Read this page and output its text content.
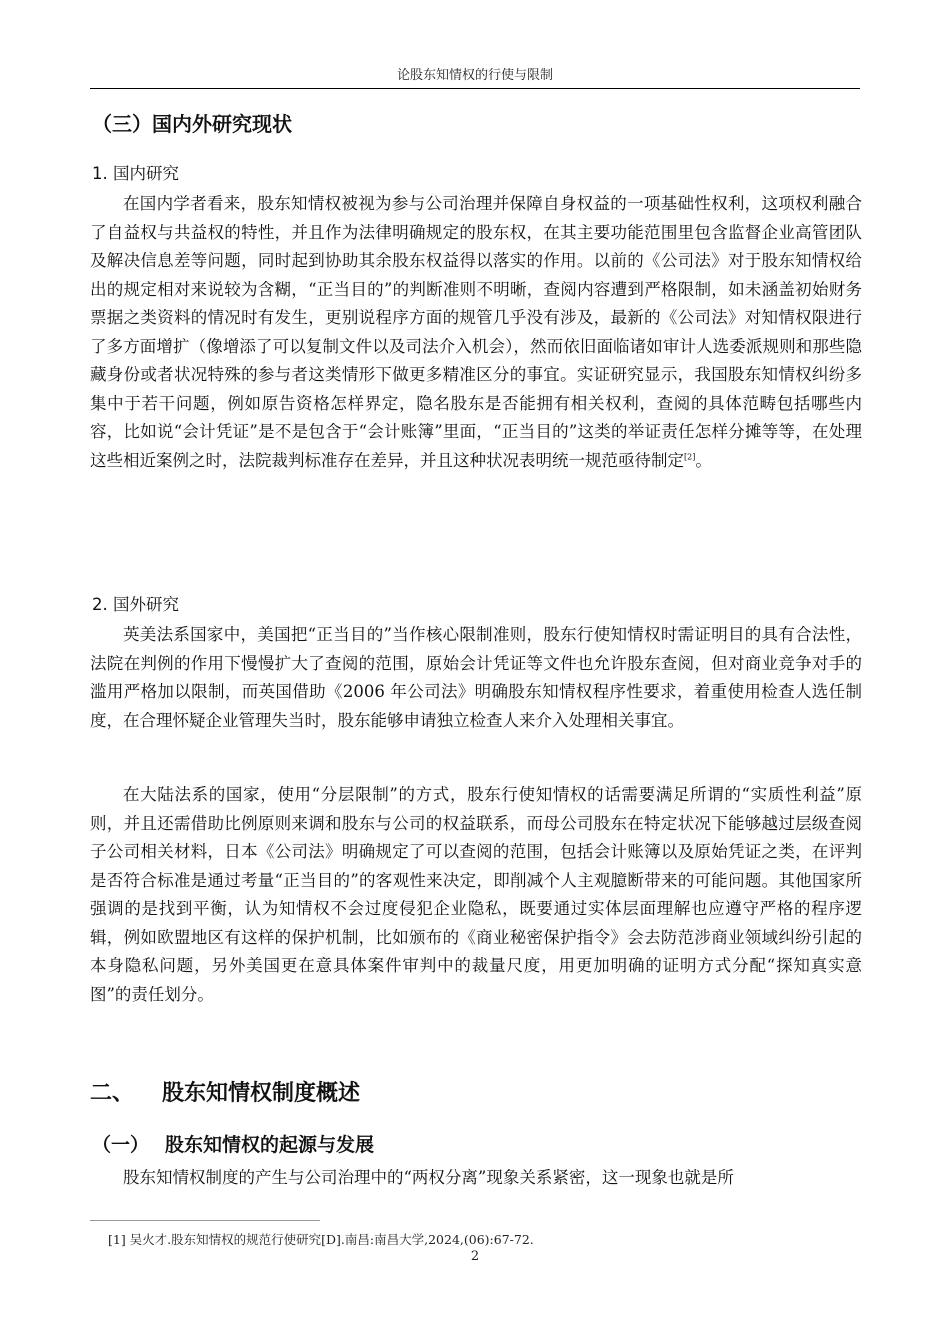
论股东知情权的行使与限制
（三）国内外研究现状
1. 国内研究

在国内学者看来，股东知情权被视为参与公司治理并保障自身权益的一项基础性权利，这项权利融合了自益权与共益权的特性，并且作为法律明确规定的股东权，在其主要功能范围里包含监督企业高管团队及解决信息差等问题，同时起到协助其余股东权益得以落实的作用。以前的《公司法》对于股东知情权给出的规定相对来说较为含糊，“正当目的”的判断准则不明晰，查阅内容遭到严格限制，如未涵盖初始财务票据之类资料的情况时有发生，更别说程序方面的规管几乎没有涉及，最新的《公司法》对知情权限进行了多方面增扩（像增添了可以复制文件以及司法介入机会），然而依旧面临诸如审计人选委派规则和那些隐藏身份或者状况特殊的参与者这类情形下做更多精准区分的事宜。实证研究显示，我国股东知情权纠纷多集中于若干问题，例如原告资格怎样界定，隐名股东是否能拥有相关权利，查阅的具体范畴包括哪些内容，比如说“会计凭证”是不是包含于“会计账簿”里面，“正当目的”这类的举证责任怎样分摊等等，在处理这些相近案例之时，法院裁判标准存在差异，并且这种状况表明统一规范亟待制定[2]。

2. 国外研究

英美法系国家中，美国把“正当目的”当作核心限制准则，股东行使知情权时需证明目的具有合法性，法院在判例的作用下慢慢扩大了查阅的范围，原始会计凭证等文件也允许股东查阅，但对商业竞争对手的滥用严格加以限制，而英国借助《2006 年公司法》明确股东知情权程序性要求，着重使用检查人选任制度，在合理怀疑企业管理失当时，股东能够申请独立检查人来介入处理相关事宜。

在大陆法系的国家，使用“分层限制”的方式，股东行使知情权的话需要满足所谓的“实质性利益”原则，并且还需借助比例原则来调和股东与公司的权益联系，而母公司股东在特定状况下能够越过层级查阅子公司相关材料，日本《公司法》明确规定了可以查阅的范围，包括会计账簿以及原始凭证之类，在评判是否符合标准是通过考量“正当目的”的客观性来决定，即削减个人主观臆断带来的可能问题。其他国家所强调的是找到平衡，认为知情权不会过度侵犯企业隐私，既要通过实体层面理解也应遵守严格的程序逻辑，例如欧盟地区有这样的保护机制，比如颁布的《商业秘密保护指令》会去防范涉商业领域纠纷引起的本身隐私问题，另外美国更在意具体案件审判中的裁量尺度，用更加明确的证明方式分配“探知真实意图”的责任划分。

二、 股东知情权制度概述
（一） 股东知情权的起源与发展

股东知情权制度的产生与公司治理中的“两权分离”现象关系紧密，这一现象也就是所

[1] 吴火才.股东知情权的规范行使研究[D].南昌:南昌大学,2024,(06):67-72.
2
